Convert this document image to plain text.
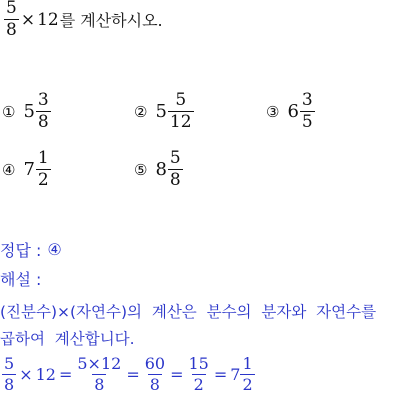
$\frac{5}{8} \times 12$ 를 계산하시오.
① $5 \frac{3}{8}$	② $5 \frac{5}{12}$	③ $6 \frac{3}{5}$
④ $7 \frac{1}{2}$	⑤ $8 \frac{5}{8}$
정답 : ④
해설 :
(진분수)×(자연수)의  계산은  분수의  분자와  자연수를
곱하여  계산합니다.
$\frac{5}{8} \times 12 = \frac{5\times 12}{8} = \frac{60}{8} = \frac{15}{2} = 7 \frac{1}{2}$
